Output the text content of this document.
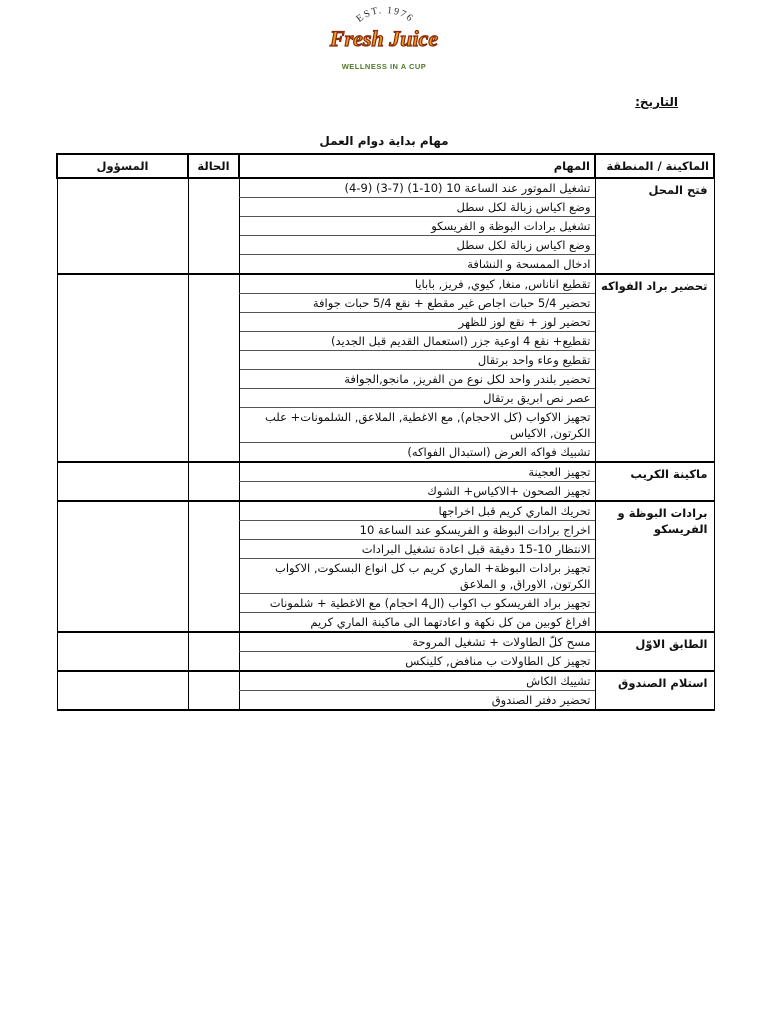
EST. 1976
Fresh Juice
WELLNESS IN A CUP
التاريخ:
مهام بداية دوام العمل
الماكينة / المنطقة	المهام	الحالة	المسؤول
فتح المحل	تشغيل الموتور عند الساعة 10 (10-1) (7-3) (9-4)		
	وضع اكياس زبالة لكل سطل		
	تشغيل برادات البوظة و الفريسكو		
	وضع اكياس زبالة لكل سطل		
	ادخال الممسحة و النشافة		
تحضير براد الفواكه	تقطيع اناناس, منغا, كيوي, فريز, بابايا		
	تحضير 5/4 حبات اجاص غير مقطع + نقع 5/4 حبات جوافة		
	تحضير لوز + نقع لوز للظهر		
	تقطيع+ نقع 4 اوعية جزر (استعمال القديم قبل الجديد)		
	تقطيع وعاء واحد برتقال		
	تحضير بلندر واحد لكل نوع من الفريز, مانجو,الجوافة		
	عصر نص ابريق برتقال		
	تجهيز الاكواب (كل الاحجام), مع الاغطية, الملاعق, الشلمونات+ علب الكرتون, الاكياس		
	تشبيك فواكه العرض (استبدال الفواكه)		
ماكينة الكريب	تجهيز العجينة		
	تجهيز الصحون +الاكياس+ الشوك		
برادات البوظة و الفريسكو	تحريك الماري كريم قبل اخراجها		
	اخراج برادات البوظة و الفريسكو عند الساعة 10		
	الانتظار 10-15 دقيقة قبل اعادة تشغيل البرادات		
	تجهيز برادات البوظة+ الماري كريم ب كل انواع البسكوت, الاكواب الكرتون, الاوراق, و الملاعق		
	تجهيز براد الفريسكو ب اكواب (ال4 احجام) مع الاغطية + شلمونات		
	افراغ كوبين من كل نكهة و اعادتهما الى ماكينة الماري كريم		
الطابق الاوّل	مسح كلّ الطاولات + تشغيل المروحة		
	تجهيز كل الطاولات ب منافض, كلينكس		
استلام الصندوق	تشييك الكاش		
	تحضير دفتر الصندوق		
